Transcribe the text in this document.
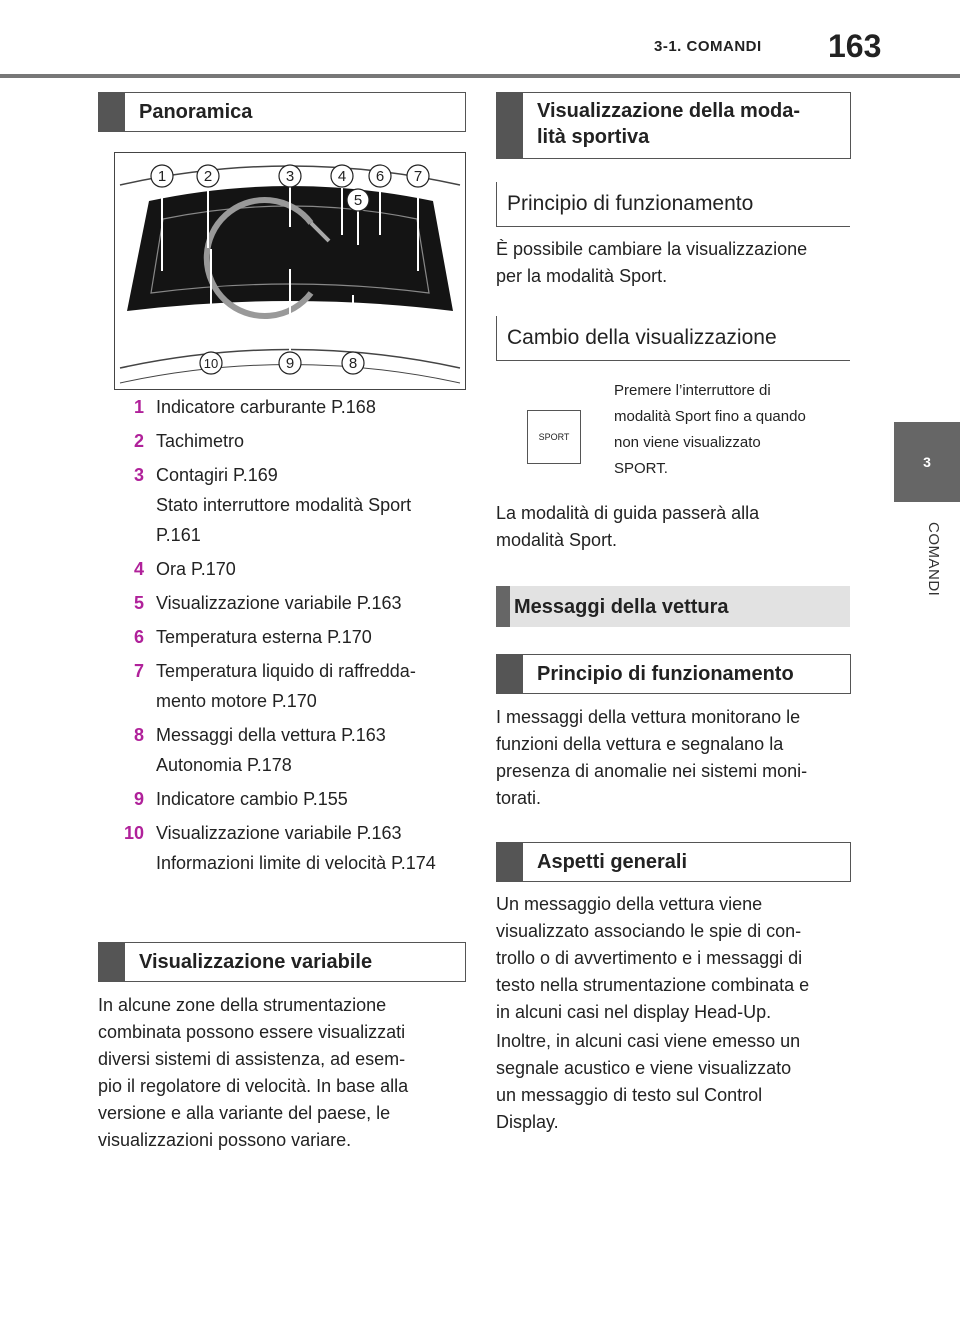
3-1. COMANDI 163
3
COMANDI
Panoramica
1	2	3	4
5
6 7
8
9
10
1 Indicatore carburante P.168
2 Tachimetro
3 Contagiri P.169
Stato interruttore modalità Sport
P.161
4 Ora P.170
5 Visualizzazione variabile P.163
6 Temperatura esterna P.170
7 Temperatura liquido di raffredda-
mento motore P.170
8 Messaggi della vettura P.163
Autonomia P.178
9 Indicatore cambio P.155
10 Visualizzazione variabile P.163
Informazioni limite di velocità P.174
Visualizzazione variabile
In alcune zone della strumentazione
combinata possono essere visualizzati
diversi sistemi di assistenza, ad esem-
pio il regolatore di velocità. In base alla
versione e alla variante del paese, le
visualizzazioni possono variare.
Visualizzazione della moda-
lità sportiva
Principio di funzionamento
È possibile cambiare la visualizzazione
per la modalità Sport.
Cambio della visualizzazione
SPORT
Premere l’interruttore di
modalità Sport fino a quando
non viene visualizzato
SPORT.
La modalità di guida passerà alla
modalità Sport.
Messaggi della vettura
Principio di funzionamento
I messaggi della vettura monitorano le
funzioni della vettura e segnalano la
presenza di anomalie nei sistemi moni-
torati.
Aspetti generali
Un messaggio della vettura viene
visualizzato associando le spie di con-
trollo o di avvertimento e i messaggi di
testo nella strumentazione combinata e
in alcuni casi nel display Head-Up.
Inoltre, in alcuni casi viene emesso un
segnale acustico e viene visualizzato
un messaggio di testo sul Control
Display.
